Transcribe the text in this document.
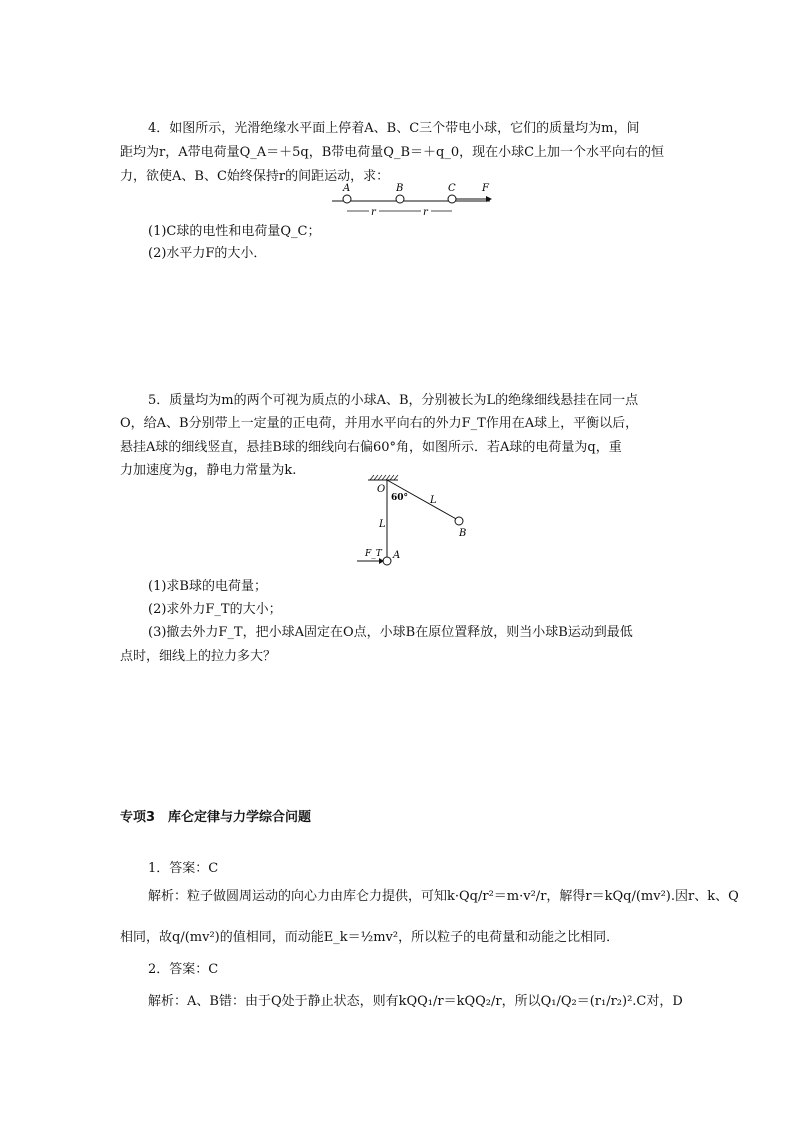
4．如图所示，光滑绝缘水平面上停着A、B、C三个带电小球，它们的质量均为m，间
距均为r，A带电荷量Q_A＝＋5q，B带电荷量Q_B＝＋q_0，现在小球C上加一个水平向右的恒
力，欲使A、B、C始终保持r的间距运动，求：
A	B	C	F
r	r
(1)C球的电性和电荷量Q_C；
(2)水平力F的大小．
5．质量均为m的两个可视为质点的小球A、B，分别被长为L的绝缘细线悬挂在同一点
O，给A、B分别带上一定量的正电荷，并用水平向右的外力F_T作用在A球上，平衡以后，
悬挂A球的细线竖直，悬挂B球的细线向右偏60°角，如图所示．若A球的电荷量为q，重
力加速度为g，静电力常量为k.
O
60°
L
L
A
B
F_T
(1)求B球的电荷量；
(2)求外力F_T的大小；
(3)撤去外力F_T，把小球A固定在O点，小球B在原位置释放，则当小球B运动到最低
点时，细线上的拉力多大？
专项3　库仑定律与力学综合问题
1．答案：C
解析：粒子做圆周运动的向心力由库仑力提供，可知k·Qq/r²＝m·v²/r，解得r＝kQq/(mv²).因r、k、Q
相同，故q/(mv²)的值相同，而动能E_k＝½mv²，所以粒子的电荷量和动能之比相同．
2．答案：C
解析：A、B错：由于Q处于静止状态，则有kQQ₁/r＝kQQ₂/r，所以Q₁/Q₂＝(r₁/r₂)².C对，D
